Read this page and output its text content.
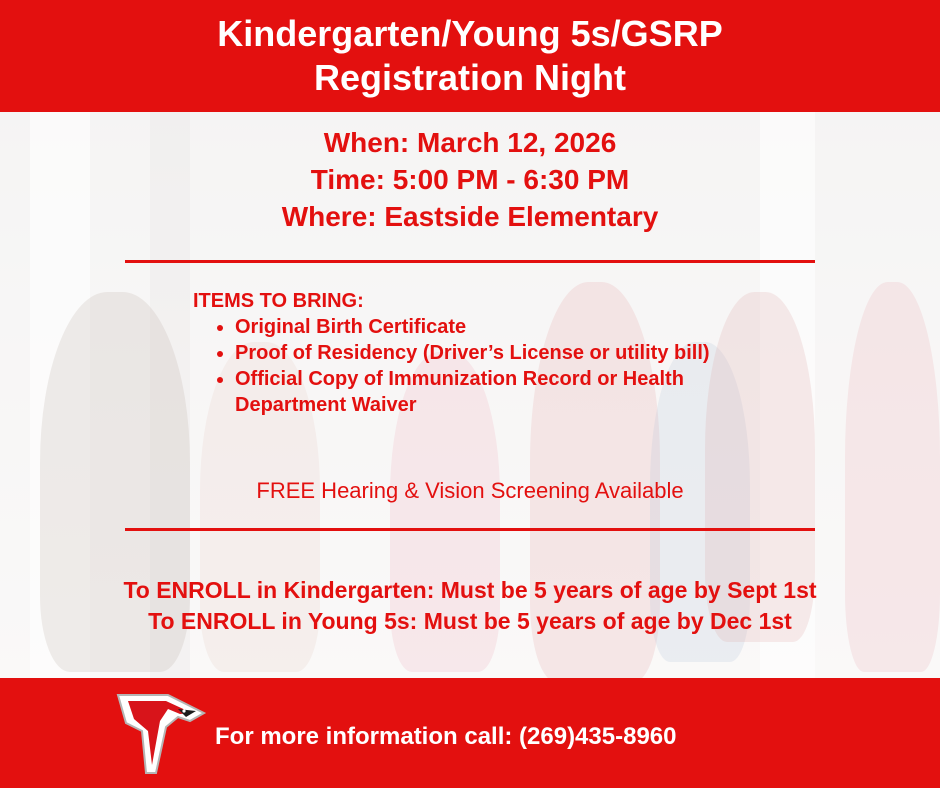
Kindergarten/Young 5s/GSRP
Registration Night
When: March 12, 2026
Time: 5:00 PM - 6:30 PM
Where: Eastside Elementary
ITEMS TO BRING:
• Original Birth Certificate
• Proof of Residency (Driver’s License or utility bill)
• Official Copy of Immunization Record or Health Department Waiver
FREE Hearing & Vision Screening Available
To ENROLL in Kindergarten: Must be 5 years of age by Sept 1st
To ENROLL in Young 5s: Must be 5 years of age by Dec 1st
For more information call: (269)435-8960
